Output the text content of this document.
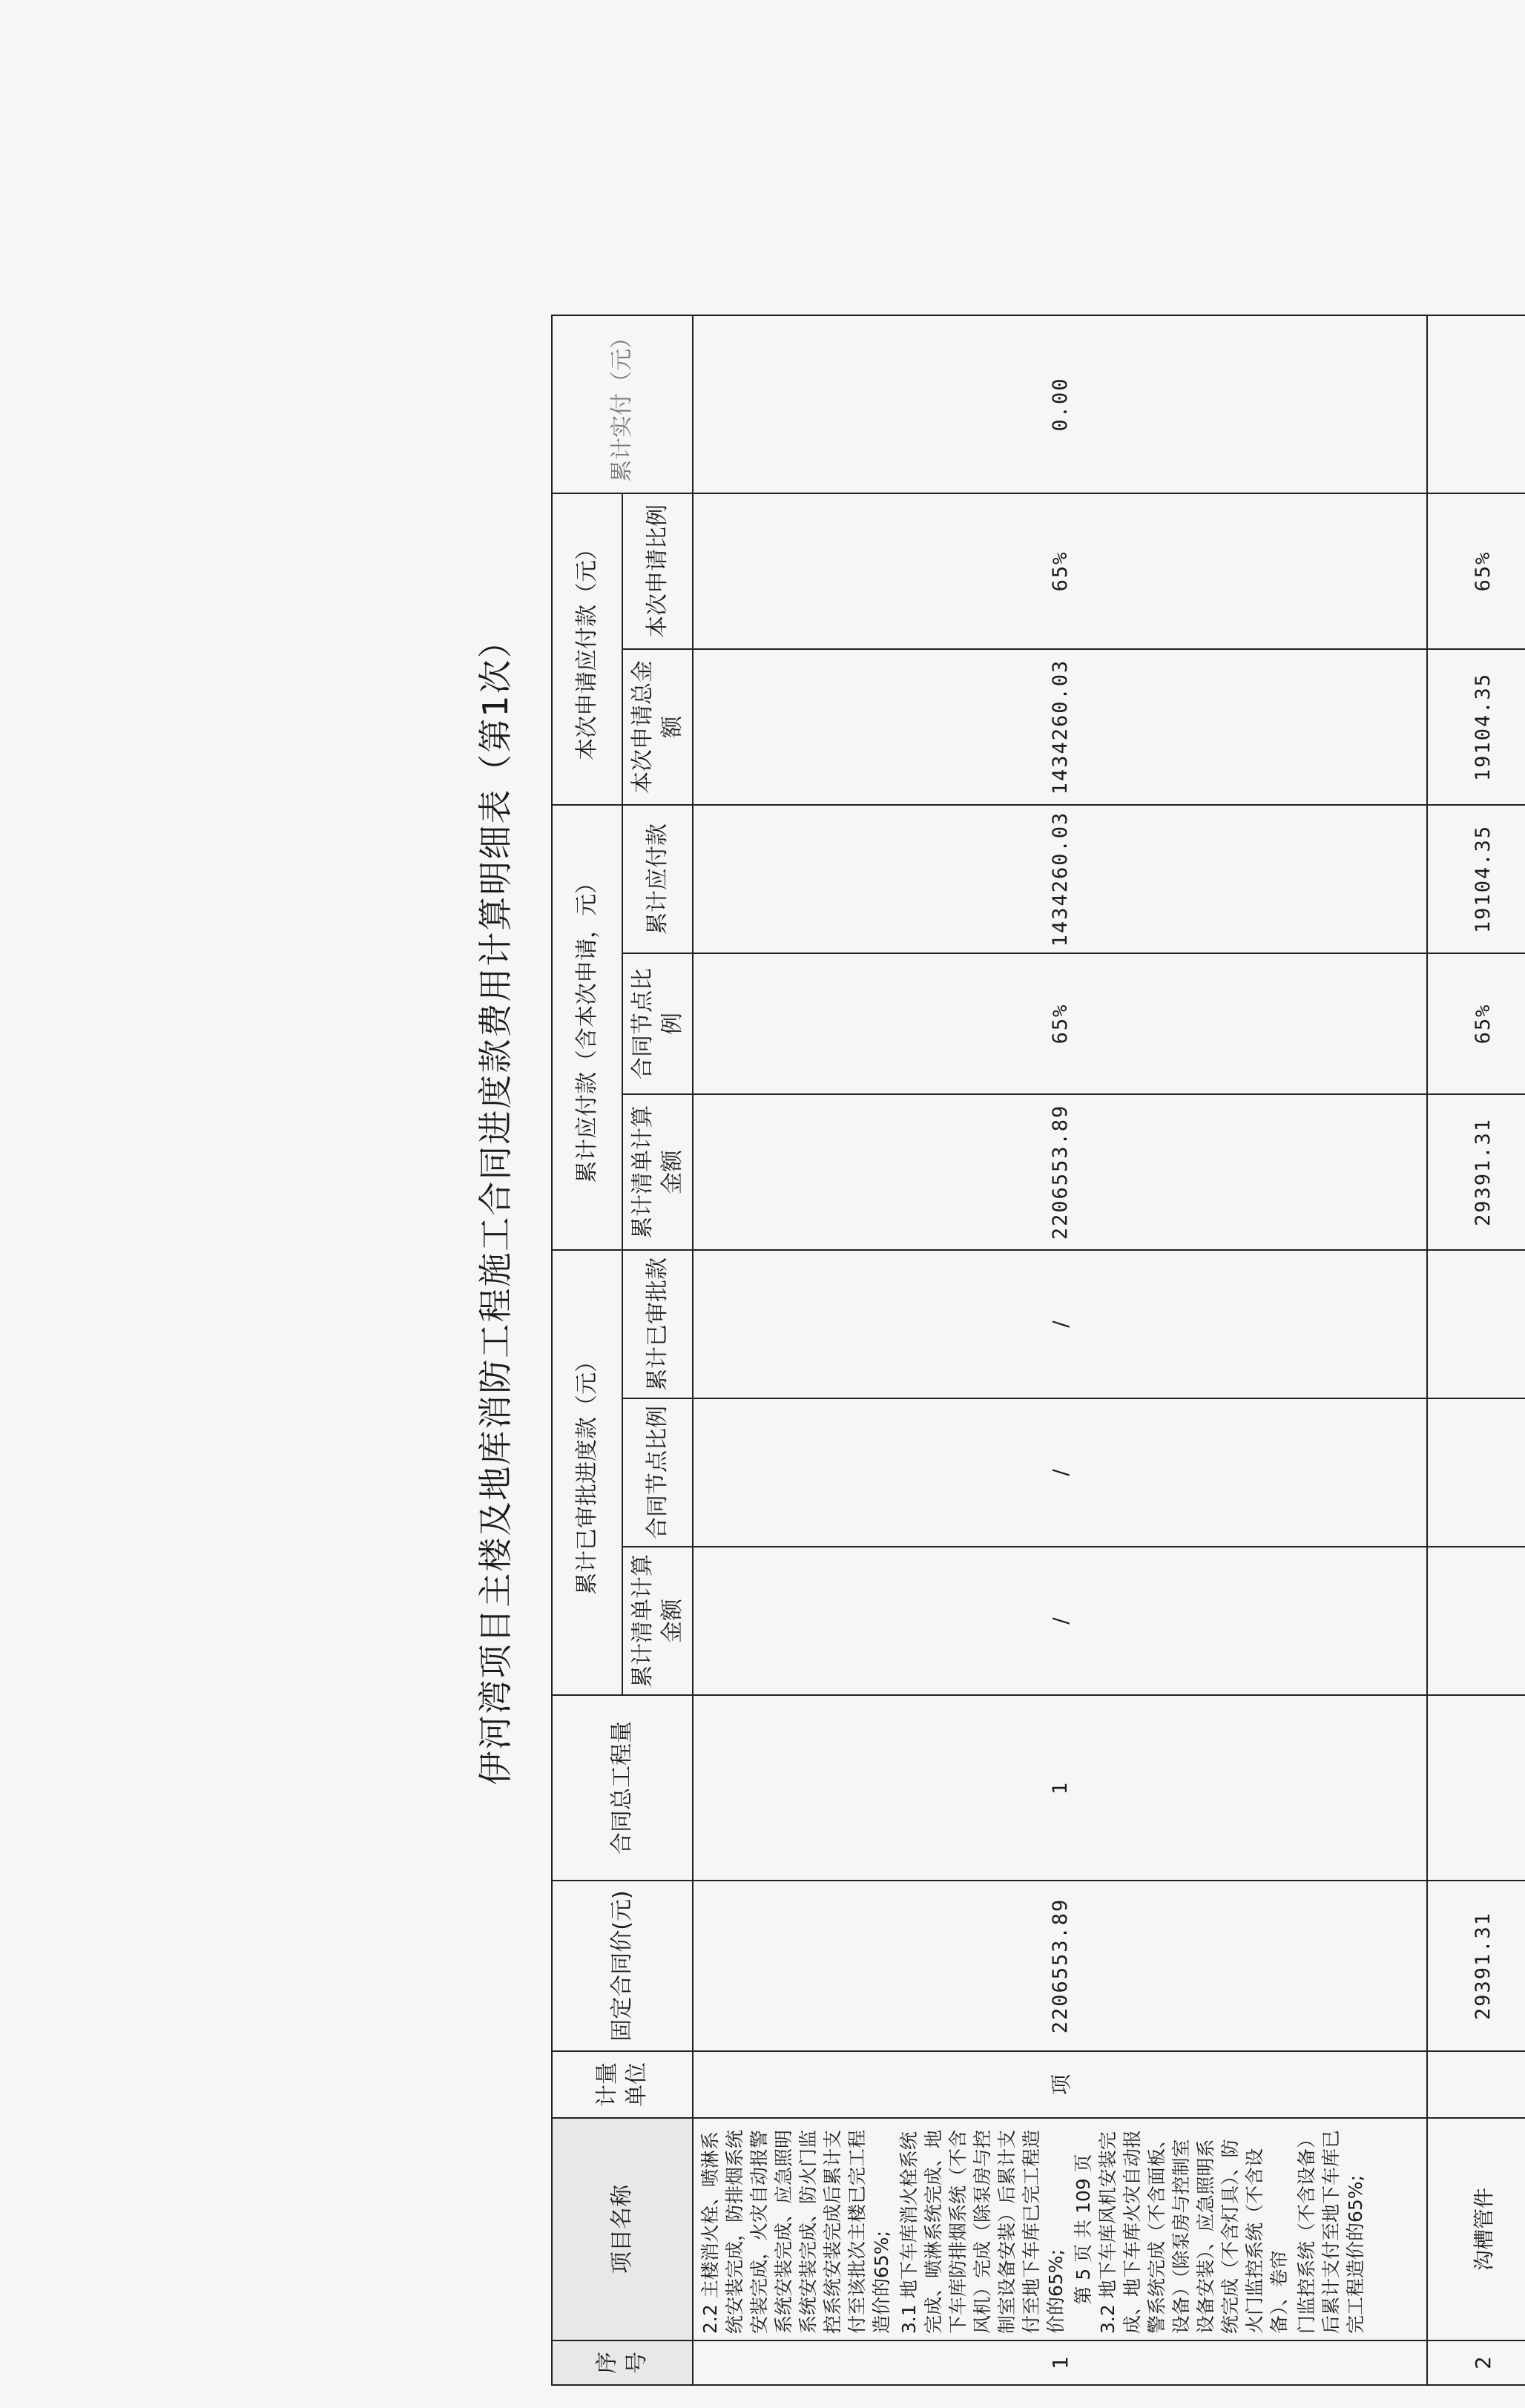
伊河湾项目主楼及地库消防工程施工合同进度款费用计算明细表（第1次）
序号	项目名称	计量单位	固定合同价(元)	合同总工程量	累计已审批进度款（元）			累计应付款（含本次申请，元）			本次申请应付款（元）		累计实付（元）
					累计清单计算金额	合同节点比例	累计已审批款	累计清单计算金额	合同节点比例	累计应付款	本次申请总金额	本次申请比例	
1	2.2 主楼消火栓、喷淋系统安装完成，防排烟系统安装完成，火灾自动报警系统安装完成、应急照明系统安装完成、防火门监控系统安装完成后累计支付至该批次主楼已完工程造价的65%; 3.1 地下车库消火栓系统完成、喷淋系统完成、地下车库防排烟系统（不含风机）完成（除泵房与控制室设备安装）后累计支付至地下车库已完工程造价的65%; 第 5 页 共 109 页 3.2 地下车库风机安装完成、地下车库火灾自动报警系统完成（不含面板、设备）（除泵房与控制室设备安装）、应急照明系统完成（不含灯具）、防火门监控系统（不含设备）、卷帘 门监控系统（不含设备）后累计支付至地下车库已完工程造价的65%;	项	2206553.89	1	/	/	/	2206553.89	65%	1434260.03	1434260.03	65%	0.00
2	沟槽管件		29391.31					29391.31	65%	19104.35	19104.35	65%	
